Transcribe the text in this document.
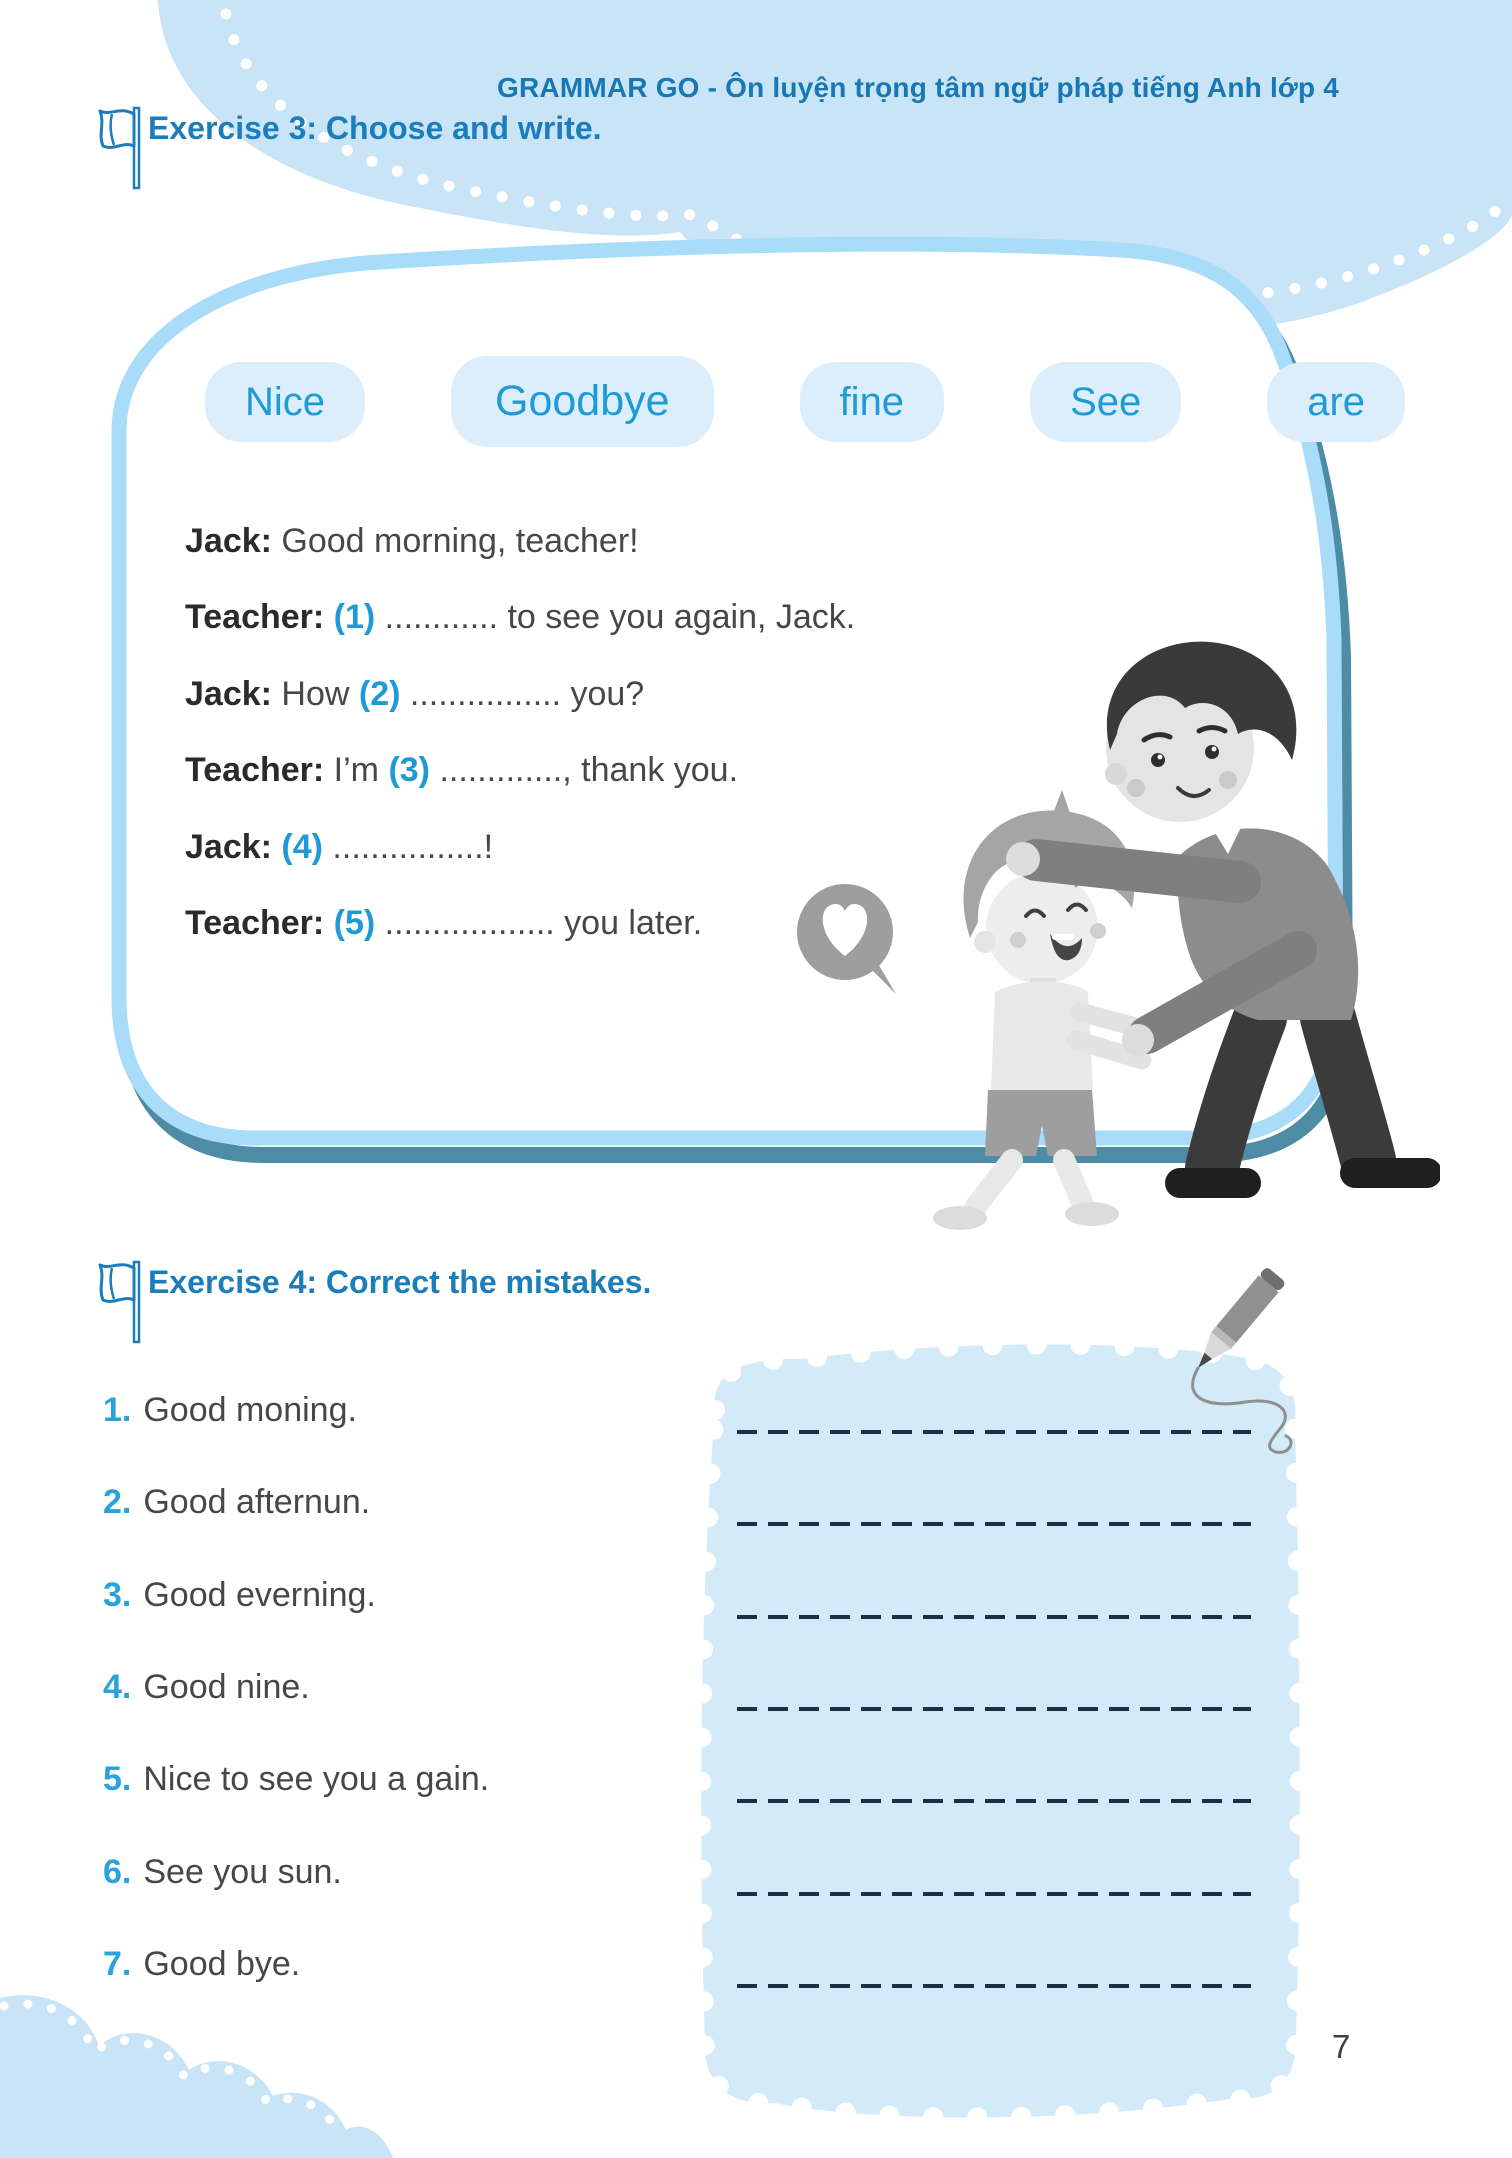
GRAMMAR GO - Ôn luyện trọng tâm ngữ pháp tiếng Anh lớp 4
Exercise 3: Choose and write.
Nice	Goodbye	fine	See	are
Jack: Good morning, teacher!
Teacher: (1) ............ to see you again, Jack.
Jack: How (2) ................ you?
Teacher: I’m (3) ............., thank you.
Jack: (4) ................!
Teacher: (5) .................. you later.
Exercise 4: Correct the mistakes.
1. Good moning.
2. Good afternun.
3. Good everning.
4. Good nine.
5. Nice to see you a gain.
6. See you sun.
7. Good bye.
7
